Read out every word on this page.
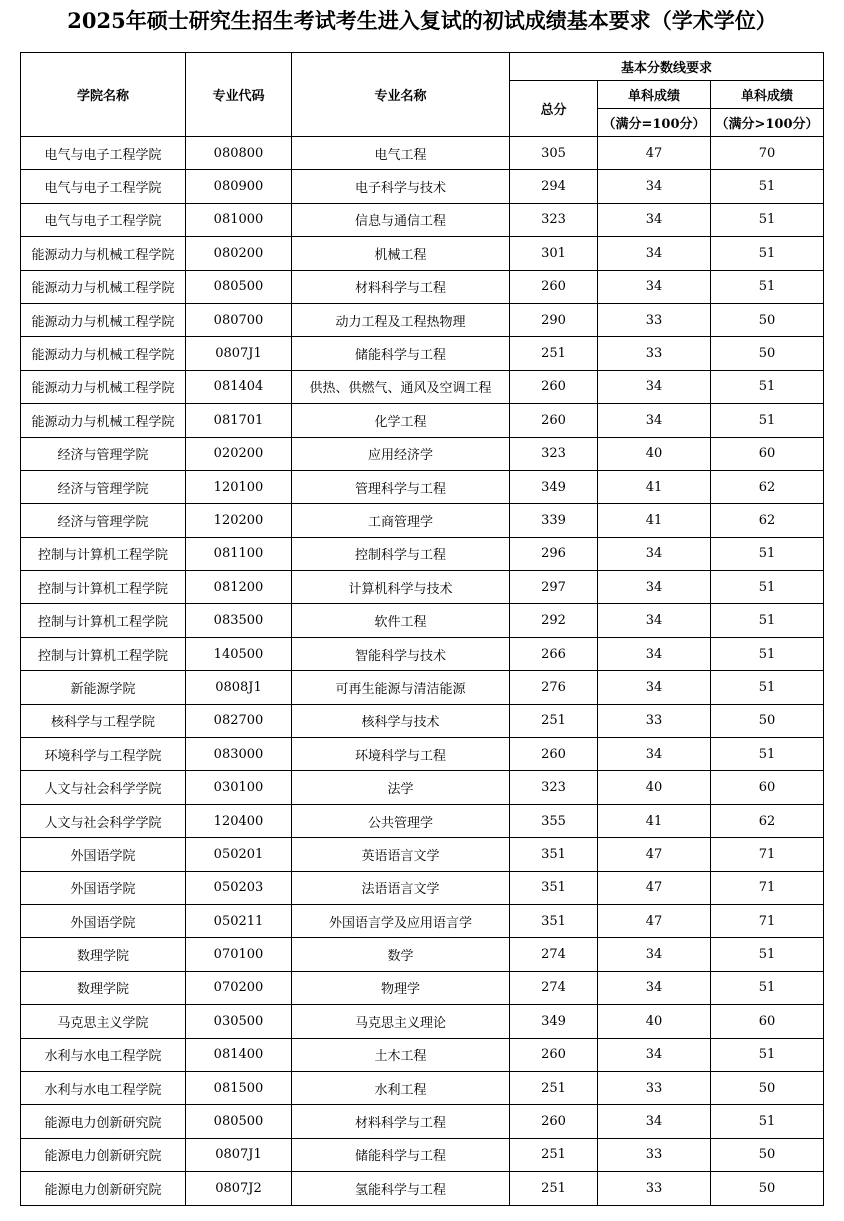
2025年硕士研究生招生考试考生进入复试的初试成绩基本要求（学术学位）
学院名称	专业代码	专业名称	基本分数线要求		
			总分	单科成绩	单科成绩
				（满分=100分）	（满分>100分）
电气与电子工程学院	080800	电气工程	305	47	70
电气与电子工程学院	080900	电子科学与技术	294	34	51
电气与电子工程学院	081000	信息与通信工程	323	34	51
能源动力与机械工程学院	080200	机械工程	301	34	51
能源动力与机械工程学院	080500	材料科学与工程	260	34	51
能源动力与机械工程学院	080700	动力工程及工程热物理	290	33	50
能源动力与机械工程学院	0807J1	储能科学与工程	251	33	50
能源动力与机械工程学院	081404	供热、供燃气、通风及空调工程	260	34	51
能源动力与机械工程学院	081701	化学工程	260	34	51
经济与管理学院	020200	应用经济学	323	40	60
经济与管理学院	120100	管理科学与工程	349	41	62
经济与管理学院	120200	工商管理学	339	41	62
控制与计算机工程学院	081100	控制科学与工程	296	34	51
控制与计算机工程学院	081200	计算机科学与技术	297	34	51
控制与计算机工程学院	083500	软件工程	292	34	51
控制与计算机工程学院	140500	智能科学与技术	266	34	51
新能源学院	0808J1	可再生能源与清洁能源	276	34	51
核科学与工程学院	082700	核科学与技术	251	33	50
环境科学与工程学院	083000	环境科学与工程	260	34	51
人文与社会科学学院	030100	法学	323	40	60
人文与社会科学学院	120400	公共管理学	355	41	62
外国语学院	050201	英语语言文学	351	47	71
外国语学院	050203	法语语言文学	351	47	71
外国语学院	050211	外国语言学及应用语言学	351	47	71
数理学院	070100	数学	274	34	51
数理学院	070200	物理学	274	34	51
马克思主义学院	030500	马克思主义理论	349	40	60
水利与水电工程学院	081400	土木工程	260	34	51
水利与水电工程学院	081500	水利工程	251	33	50
能源电力创新研究院	080500	材料科学与工程	260	34	51
能源电力创新研究院	0807J1	储能科学与工程	251	33	50
能源电力创新研究院	0807J2	氢能科学与工程	251	33	50
